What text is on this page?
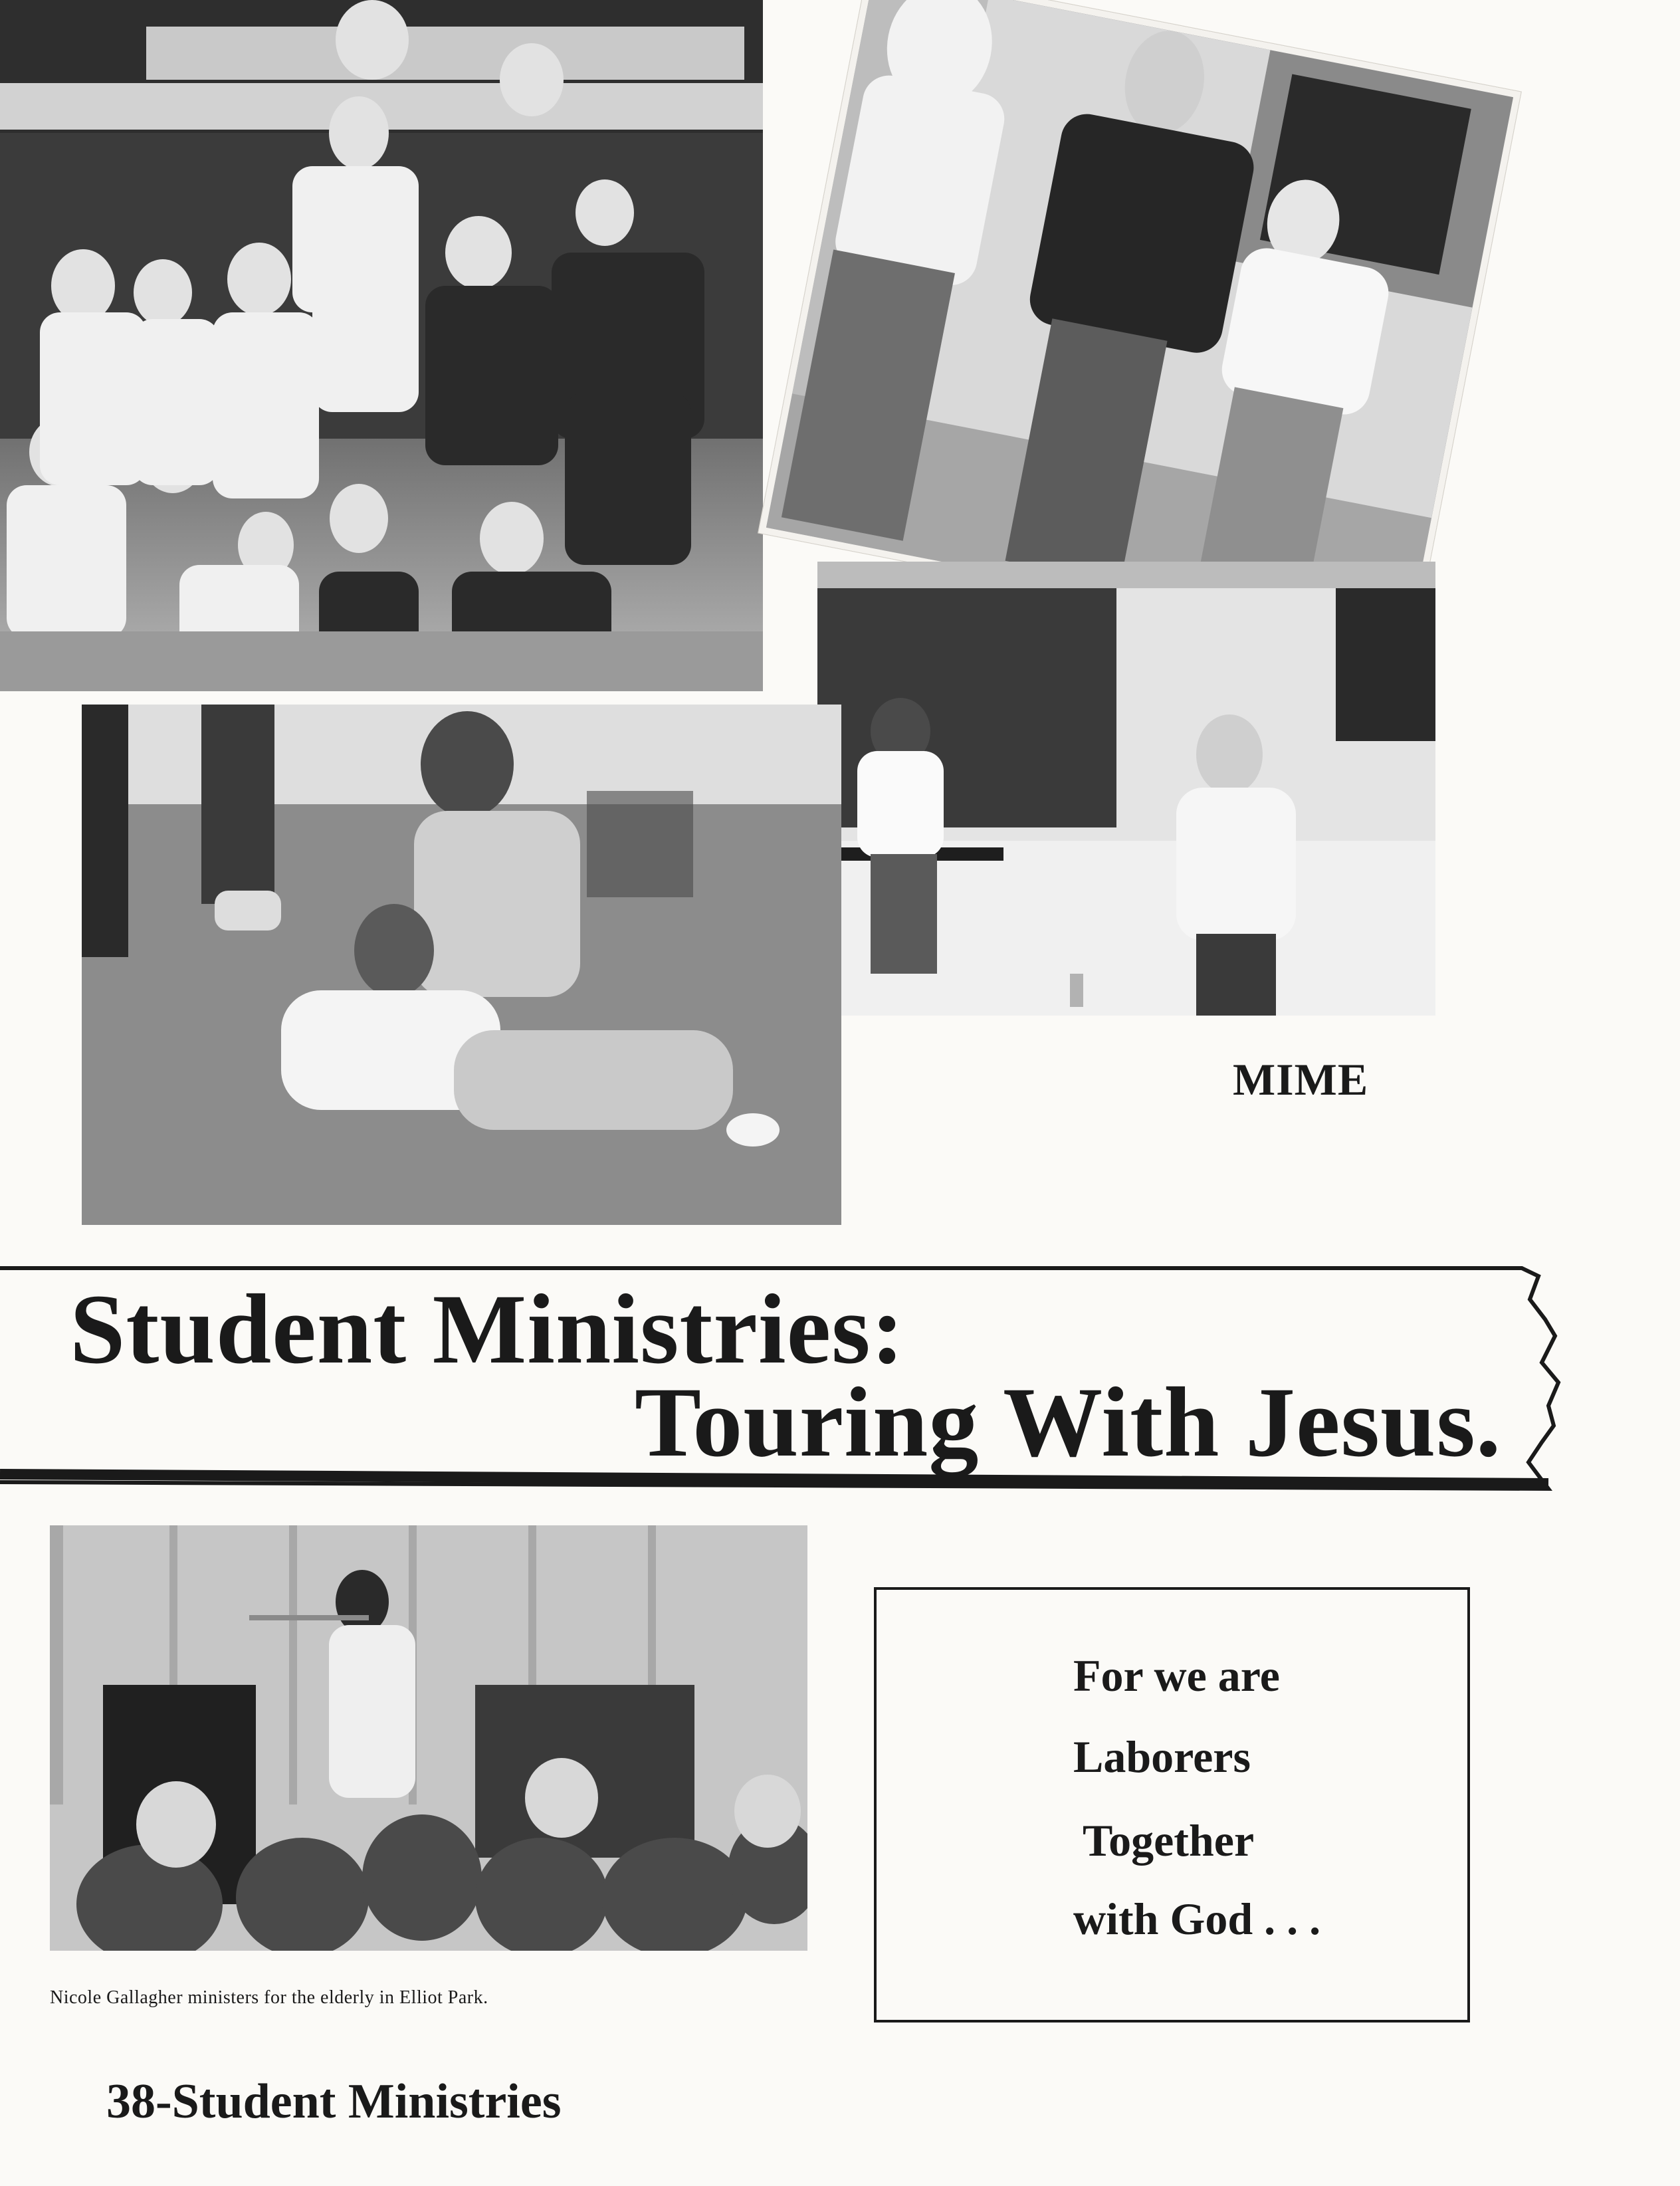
MIME
Student Ministries:
Touring With Jesus.
Nicole Gallagher ministers for the elderly in Elliot Park.
For we are
Laborers
Together
with God . . .
38-Student Ministries
